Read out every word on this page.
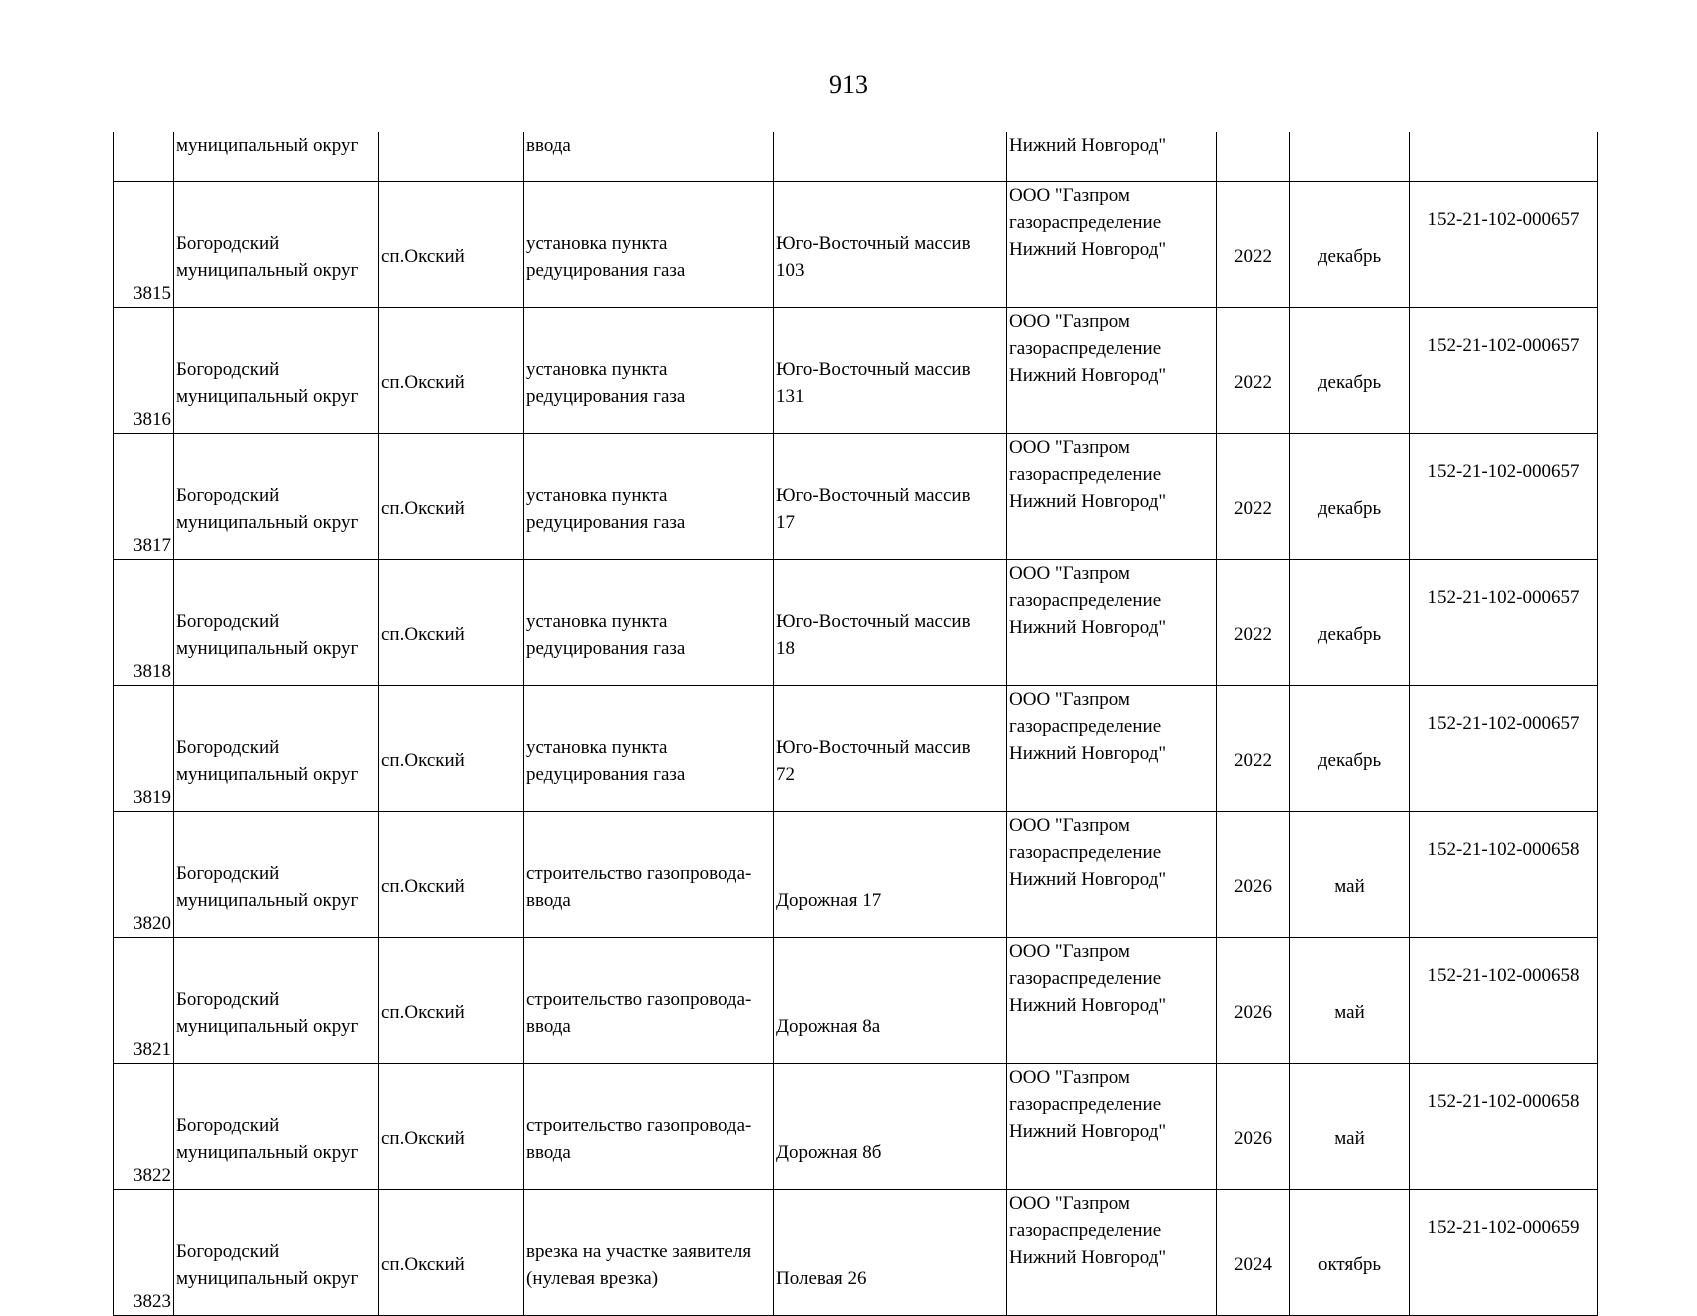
913

	муниципальный округ		ввода		Нижний Новгород"			

3815	Богородский
муниципальный округ	сп.Окский	установка пункта
редуцирования газа	Юго-Восточный массив
103	ООО "Газпром
газораспределение
Нижний Новгород"	2022	декабрь	152-21-102-000657
3816	Богородский
муниципальный округ	сп.Окский	установка пункта
редуцирования газа	Юго-Восточный массив
131	ООО "Газпром
газораспределение
Нижний Новгород"	2022	декабрь	152-21-102-000657
3817	Богородский
муниципальный округ	сп.Окский	установка пункта
редуцирования газа	Юго-Восточный массив
17	ООО "Газпром
газораспределение
Нижний Новгород"	2022	декабрь	152-21-102-000657
3818	Богородский
муниципальный округ	сп.Окский	установка пункта
редуцирования газа	Юго-Восточный массив
18	ООО "Газпром
газораспределение
Нижний Новгород"	2022	декабрь	152-21-102-000657
3819	Богородский
муниципальный округ	сп.Окский	установка пункта
редуцирования газа	Юго-Восточный массив
72	ООО "Газпром
газораспределение
Нижний Новгород"	2022	декабрь	152-21-102-000657
3820	Богородский
муниципальный округ	сп.Окский	строительство газопровода-
ввода	Дорожная 17	ООО "Газпром
газораспределение
Нижний Новгород"	2026	май	152-21-102-000658
3821	Богородский
муниципальный округ	сп.Окский	строительство газопровода-
ввода	Дорожная 8а	ООО "Газпром
газораспределение
Нижний Новгород"	2026	май	152-21-102-000658
3822	Богородский
муниципальный округ	сп.Окский	строительство газопровода-
ввода	Дорожная 8б	ООО "Газпром
газораспределение
Нижний Новгород"	2026	май	152-21-102-000658
3823	Богородский
муниципальный округ	сп.Окский	врезка на участке заявителя
(нулевая врезка)	Полевая 26	ООО "Газпром
газораспределение
Нижний Новгород"	2024	октябрь	152-21-102-000659
